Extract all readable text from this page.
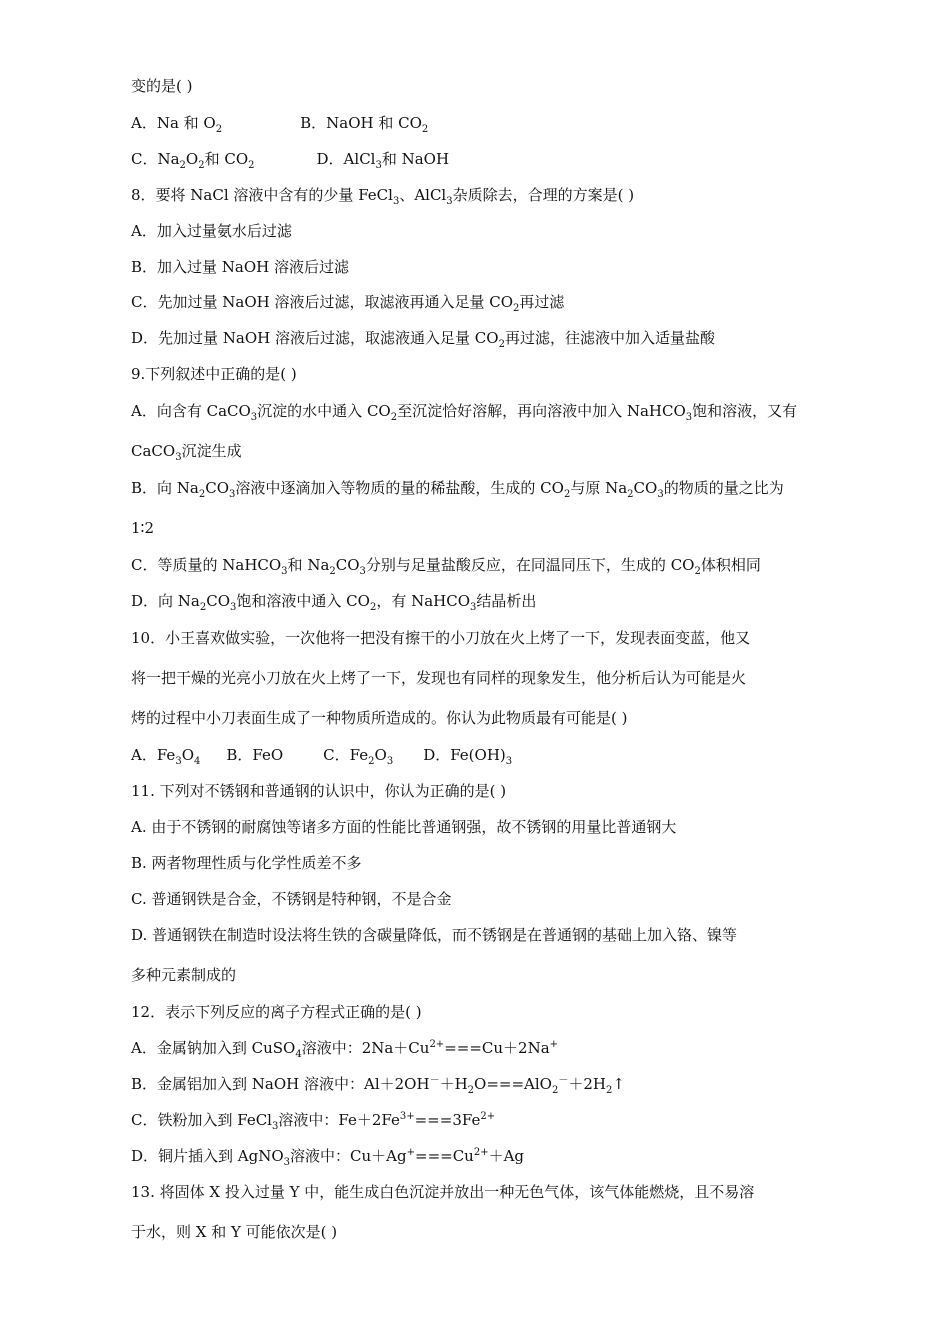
变的是( )
A．Na 和 $O_2$	B．NaOH 和 $CO_2$
C．$Na_2O_2$和 $CO_2$	D．AlCl$_3$和 NaOH
8．要将 NaCl 溶液中含有的少量 FeCl$_3$、AlCl$_3$杂质除去，合理的方案是( )
A．加入过量氨水后过滤
B．加入过量 NaOH 溶液后过滤
C．先加过量 NaOH 溶液后过滤，取滤液再通入足量 $CO_2$再过滤
D．先加过量 NaOH 溶液后过滤，取滤液通入足量 $CO_2$再过滤，往滤液中加入适量盐酸
9.下列叙述中正确的是( )
A．向含有 CaCO$_3$沉淀的水中通入 $CO_2$至沉淀恰好溶解，再向溶液中加入 NaHCO$_3$饱和溶液，又有
CaCO$_3$沉淀生成
B．向 $Na_2CO_3$溶液中逐滴加入等物质的量的稀盐酸，生成的 $CO_2$与原 $Na_2CO_3$的物质的量之比为
1∶2
C．等质量的 NaHCO$_3$和 $Na_2CO_3$分别与足量盐酸反应，在同温同压下，生成的 $CO_2$体积相同
D．向 $Na_2CO_3$饱和溶液中通入 $CO_2$，有 NaHCO$_3$结晶析出
10．小王喜欢做实验，一次他将一把没有擦干的小刀放在火上烤了一下，发现表面变蓝，他又
将一把干燥的光亮小刀放在火上烤了一下，发现也有同样的现象发生，他分析后认为可能是火
烤的过程中小刀表面生成了一种物质所造成的。你认为此物质最有可能是( )
A．$Fe_3O_4$ B．FeO	C．$Fe_2O_3$ D．$Fe(OH)_3$
11. 下列对不锈钢和普通钢的认识中，你认为正确的是( )
A. 由于不锈钢的耐腐蚀等诸多方面的性能比普通钢强，故不锈钢的用量比普通钢大
B. 两者物理性质与化学性质差不多
C. 普通钢铁是合金，不锈钢是特种钢，不是合金
D. 普通钢铁在制造时设法将生铁的含碳量降低，而不锈钢是在普通钢的基础上加入铬、镍等
多种元素制成的
12．表示下列反应的离子方程式正确的是( )
A．金属钠加入到 CuSO$_4$溶液中：$2Na+Cu^{2+}===Cu+2Na^+$
B．金属铝加入到 NaOH 溶液中：$Al+2OH^-+H_2O===AlO_2^-+2H_2↑$
C．铁粉加入到 FeCl$_3$溶液中：$Fe+2Fe^{3+}===3Fe^{2+}$
D．铜片插入到 AgNO$_3$溶液中：$Cu+Ag^+===Cu^{2+}+Ag$
13. 将固体 X 投入过量 Y 中，能生成白色沉淀并放出一种无色气体，该气体能燃烧，且不易溶
于水，则 X 和 Y 可能依次是( )
